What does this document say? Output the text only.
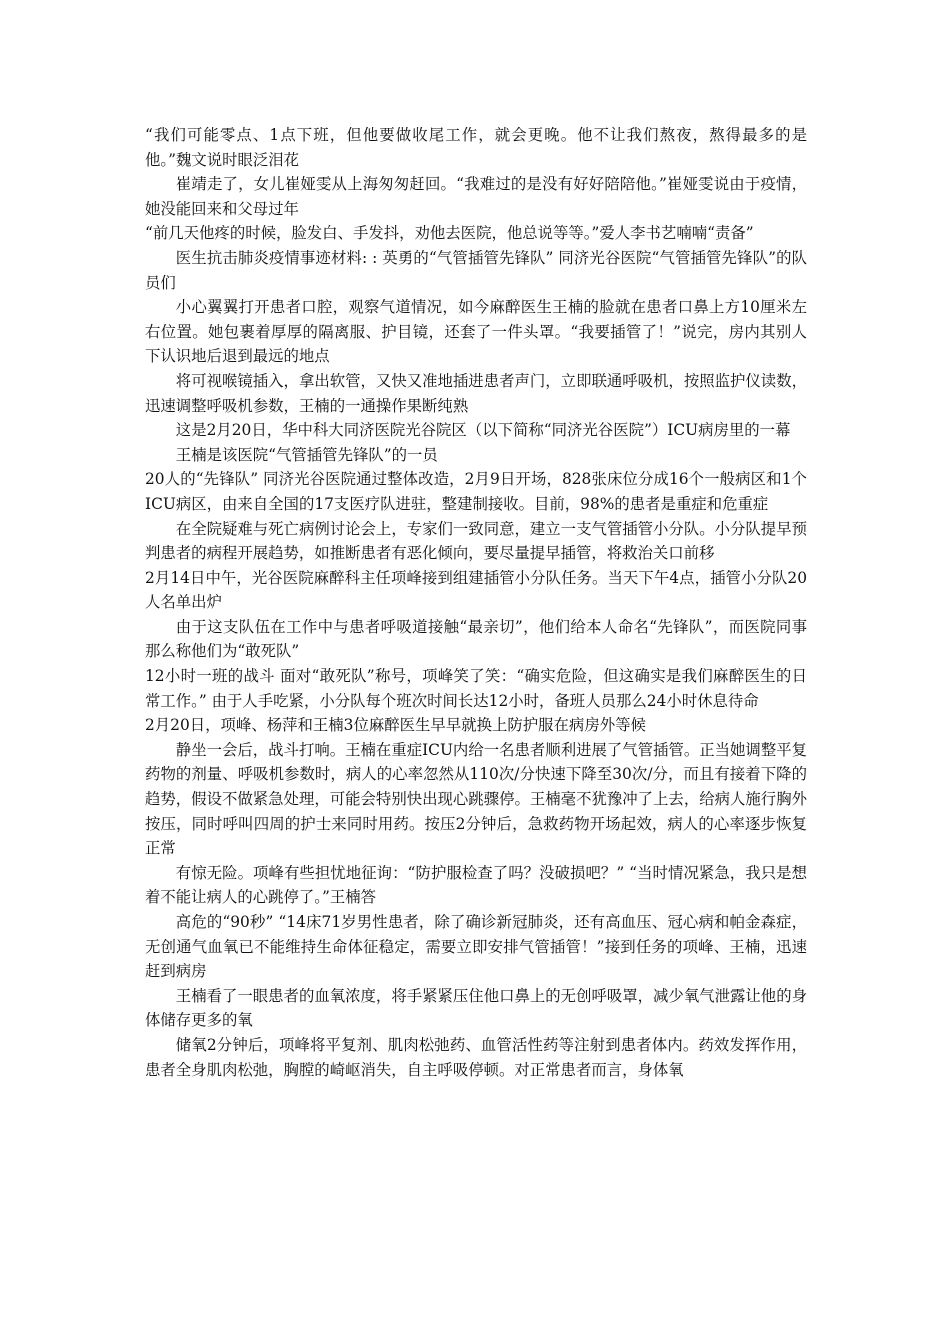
“我们可能零点、1点下班，但他要做收尾工作，就会更晚。他不让我们熬夜，熬得最多的是他。”魏文说时眼泛泪花

崔靖走了，女儿崔娅雯从上海匆匆赶回。“我难过的是没有好好陪陪他。”崔娅雯说由于疫情，她没能回来和父母过年

“前几天他疼的时候，脸发白、手发抖，劝他去医院，他总说等等。”爱人李书艺喃喃“责备”

医生抗击肺炎疫情事迹材料: : 英勇的“气管插管先锋队” 同济光谷医院“气管插管先锋队”的队员们

小心翼翼打开患者口腔，观察气道情况，如今麻醉医生王楠的脸就在患者口鼻上方10厘米左右位置。她包裹着厚厚的隔离服、护目镜，还套了一件头罩。“我要插管了！”说完，房内其别人下认识地后退到最远的地点

将可视喉镜插入，拿出软管，又快又准地插进患者声门，立即联通呼吸机，按照监护仪读数，迅速调整呼吸机参数，王楠的一通操作果断纯熟

这是2月20日，华中科大同济医院光谷院区（以下简称“同济光谷医院”）ICU病房里的一幕

王楠是该医院“气管插管先锋队”的一员

20人的“先锋队” 同济光谷医院通过整体改造，2月9日开场，828张床位分成16个一般病区和1个ICU病区，由来自全国的17支医疗队进驻，整建制接收。目前，98%的患者是重症和危重症

在全院疑难与死亡病例讨论会上，专家们一致同意，建立一支气管插管小分队。小分队提早预判患者的病程开展趋势，如推断患者有恶化倾向，要尽量提早插管，将救治关口前移

2月14日中午，光谷医院麻醉科主任项峰接到组建插管小分队任务。当天下午4点，插管小分队20人名单出炉

由于这支队伍在工作中与患者呼吸道接触“最亲切”，他们给本人命名“先锋队”，而医院同事那么称他们为“敢死队”

12小时一班的战斗 面对“敢死队”称号，项峰笑了笑：“确实危险，但这确实是我们麻醉医生的日常工作。” 由于人手吃紧，小分队每个班次时间长达12小时，备班人员那么24小时休息待命

2月20日，项峰、杨萍和王楠3位麻醉医生早早就换上防护服在病房外等候

静坐一会后，战斗打响。王楠在重症ICU内给一名患者顺利进展了气管插管。正当她调整平复药物的剂量、呼吸机参数时，病人的心率忽然从110次/分快速下降至30次/分，而且有接着下降的趋势，假设不做紧急处理，可能会特别快出现心跳骤停。王楠毫不犹豫冲了上去，给病人施行胸外按压，同时呼叫四周的护士来同时用药。按压2分钟后，急救药物开场起效，病人的心率逐步恢复正常

有惊无险。项峰有些担忧地征询：“防护服检查了吗？没破损吧？” “当时情况紧急，我只是想着不能让病人的心跳停了。”王楠答

高危的“90秒” “14床71岁男性患者，除了确诊新冠肺炎，还有高血压、冠心病和帕金森症，无创通气血氧已不能维持生命体征稳定，需要立即安排气管插管！”接到任务的项峰、王楠，迅速赶到病房

王楠看了一眼患者的血氧浓度，将手紧紧压住他口鼻上的无创呼吸罩，减少氧气泄露让他的身体储存更多的氧

储氧2分钟后，项峰将平复剂、肌肉松弛药、血管活性药等注射到患者体内。药效发挥作用，患者全身肌肉松弛，胸膛的崎岖消失，自主呼吸停顿。对正常患者而言，身体氧
